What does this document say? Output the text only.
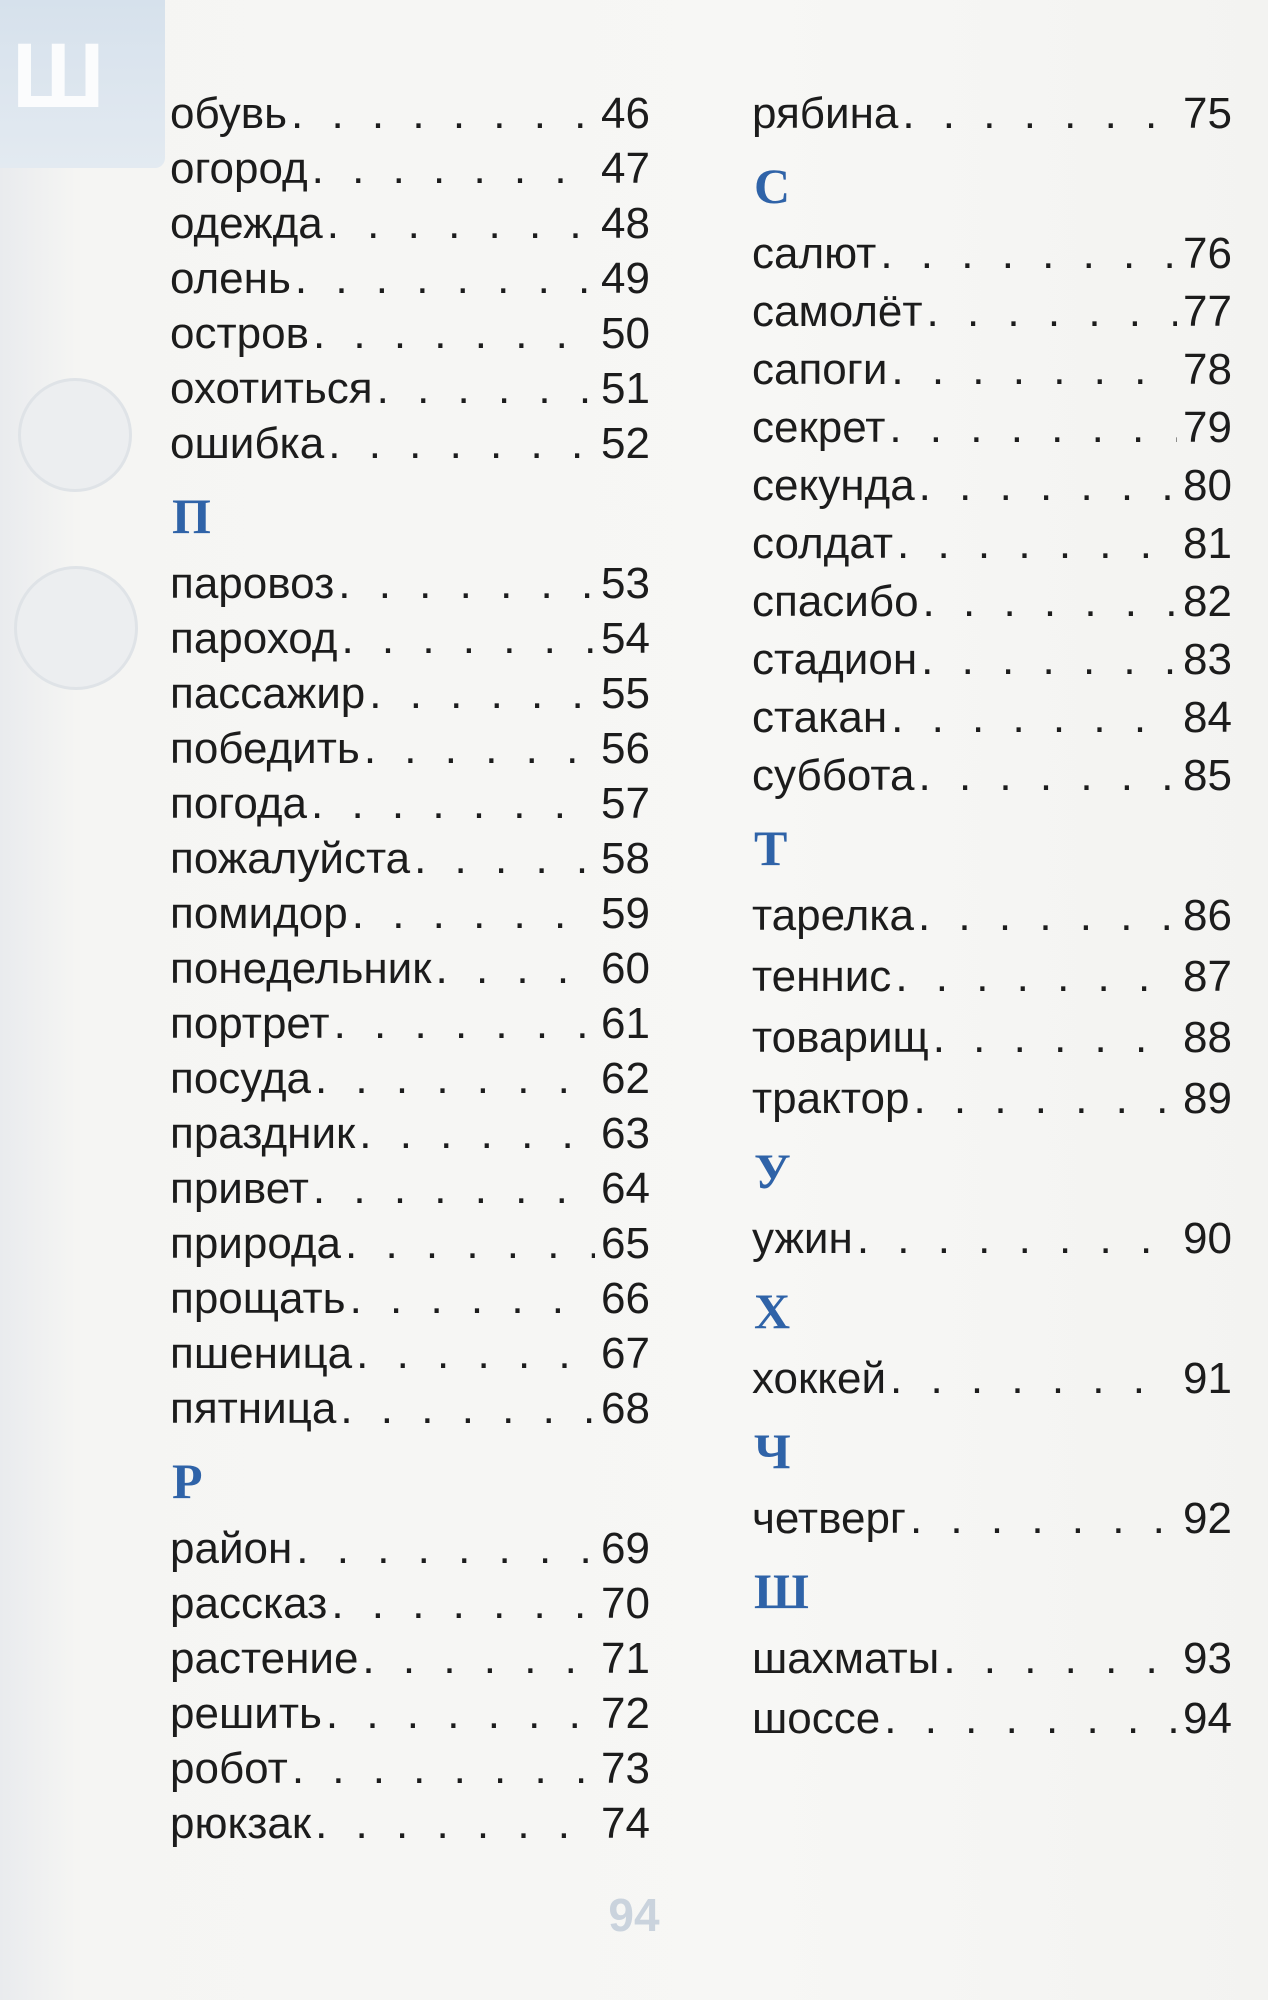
Ш обувь . . .	46
огород . . .	47
одежда . . .	48
олень . . .	49
остров . . .	50
охотиться . . .	51
ошибка . . .	52
П
паровоз . . .	53
пароход . . .	54
пассажир . . .	55
победить . . .	56
погода . . .	57
пожалуйста . . .	58
помидор . . .	59
понедельник . . .	60
портрет . . .	61
посуда . . .	62
праздник . . .	63
привет . . .	64
природа . . .	65
прощать . . .	66
пшеница . . .	67
пятница . . .	68
Р
район . . .	69
рассказ . . .	70
растение . . .	71
решить . . .	72
робот . . .	73
рюкзак . . .	74
рябина . . .	75
С
салют . . .	76
самолёт . . .	77
сапоги . . .	78
секрет . . .	79
секунда . . .	80
солдат . . .	81
спасибо . . .	82
стадион . . .	83
стакан . . .	84
суббота . . .	85
Т
тарелка . . .	86
теннис . . .	87
товарищ . . .	88
трактор . . .	89
У
ужин . . .	90
Х
хоккей . . .	91
Ч
четверг . . .	92
Ш
шахматы . . .	93
шоссе . . .	94
94
